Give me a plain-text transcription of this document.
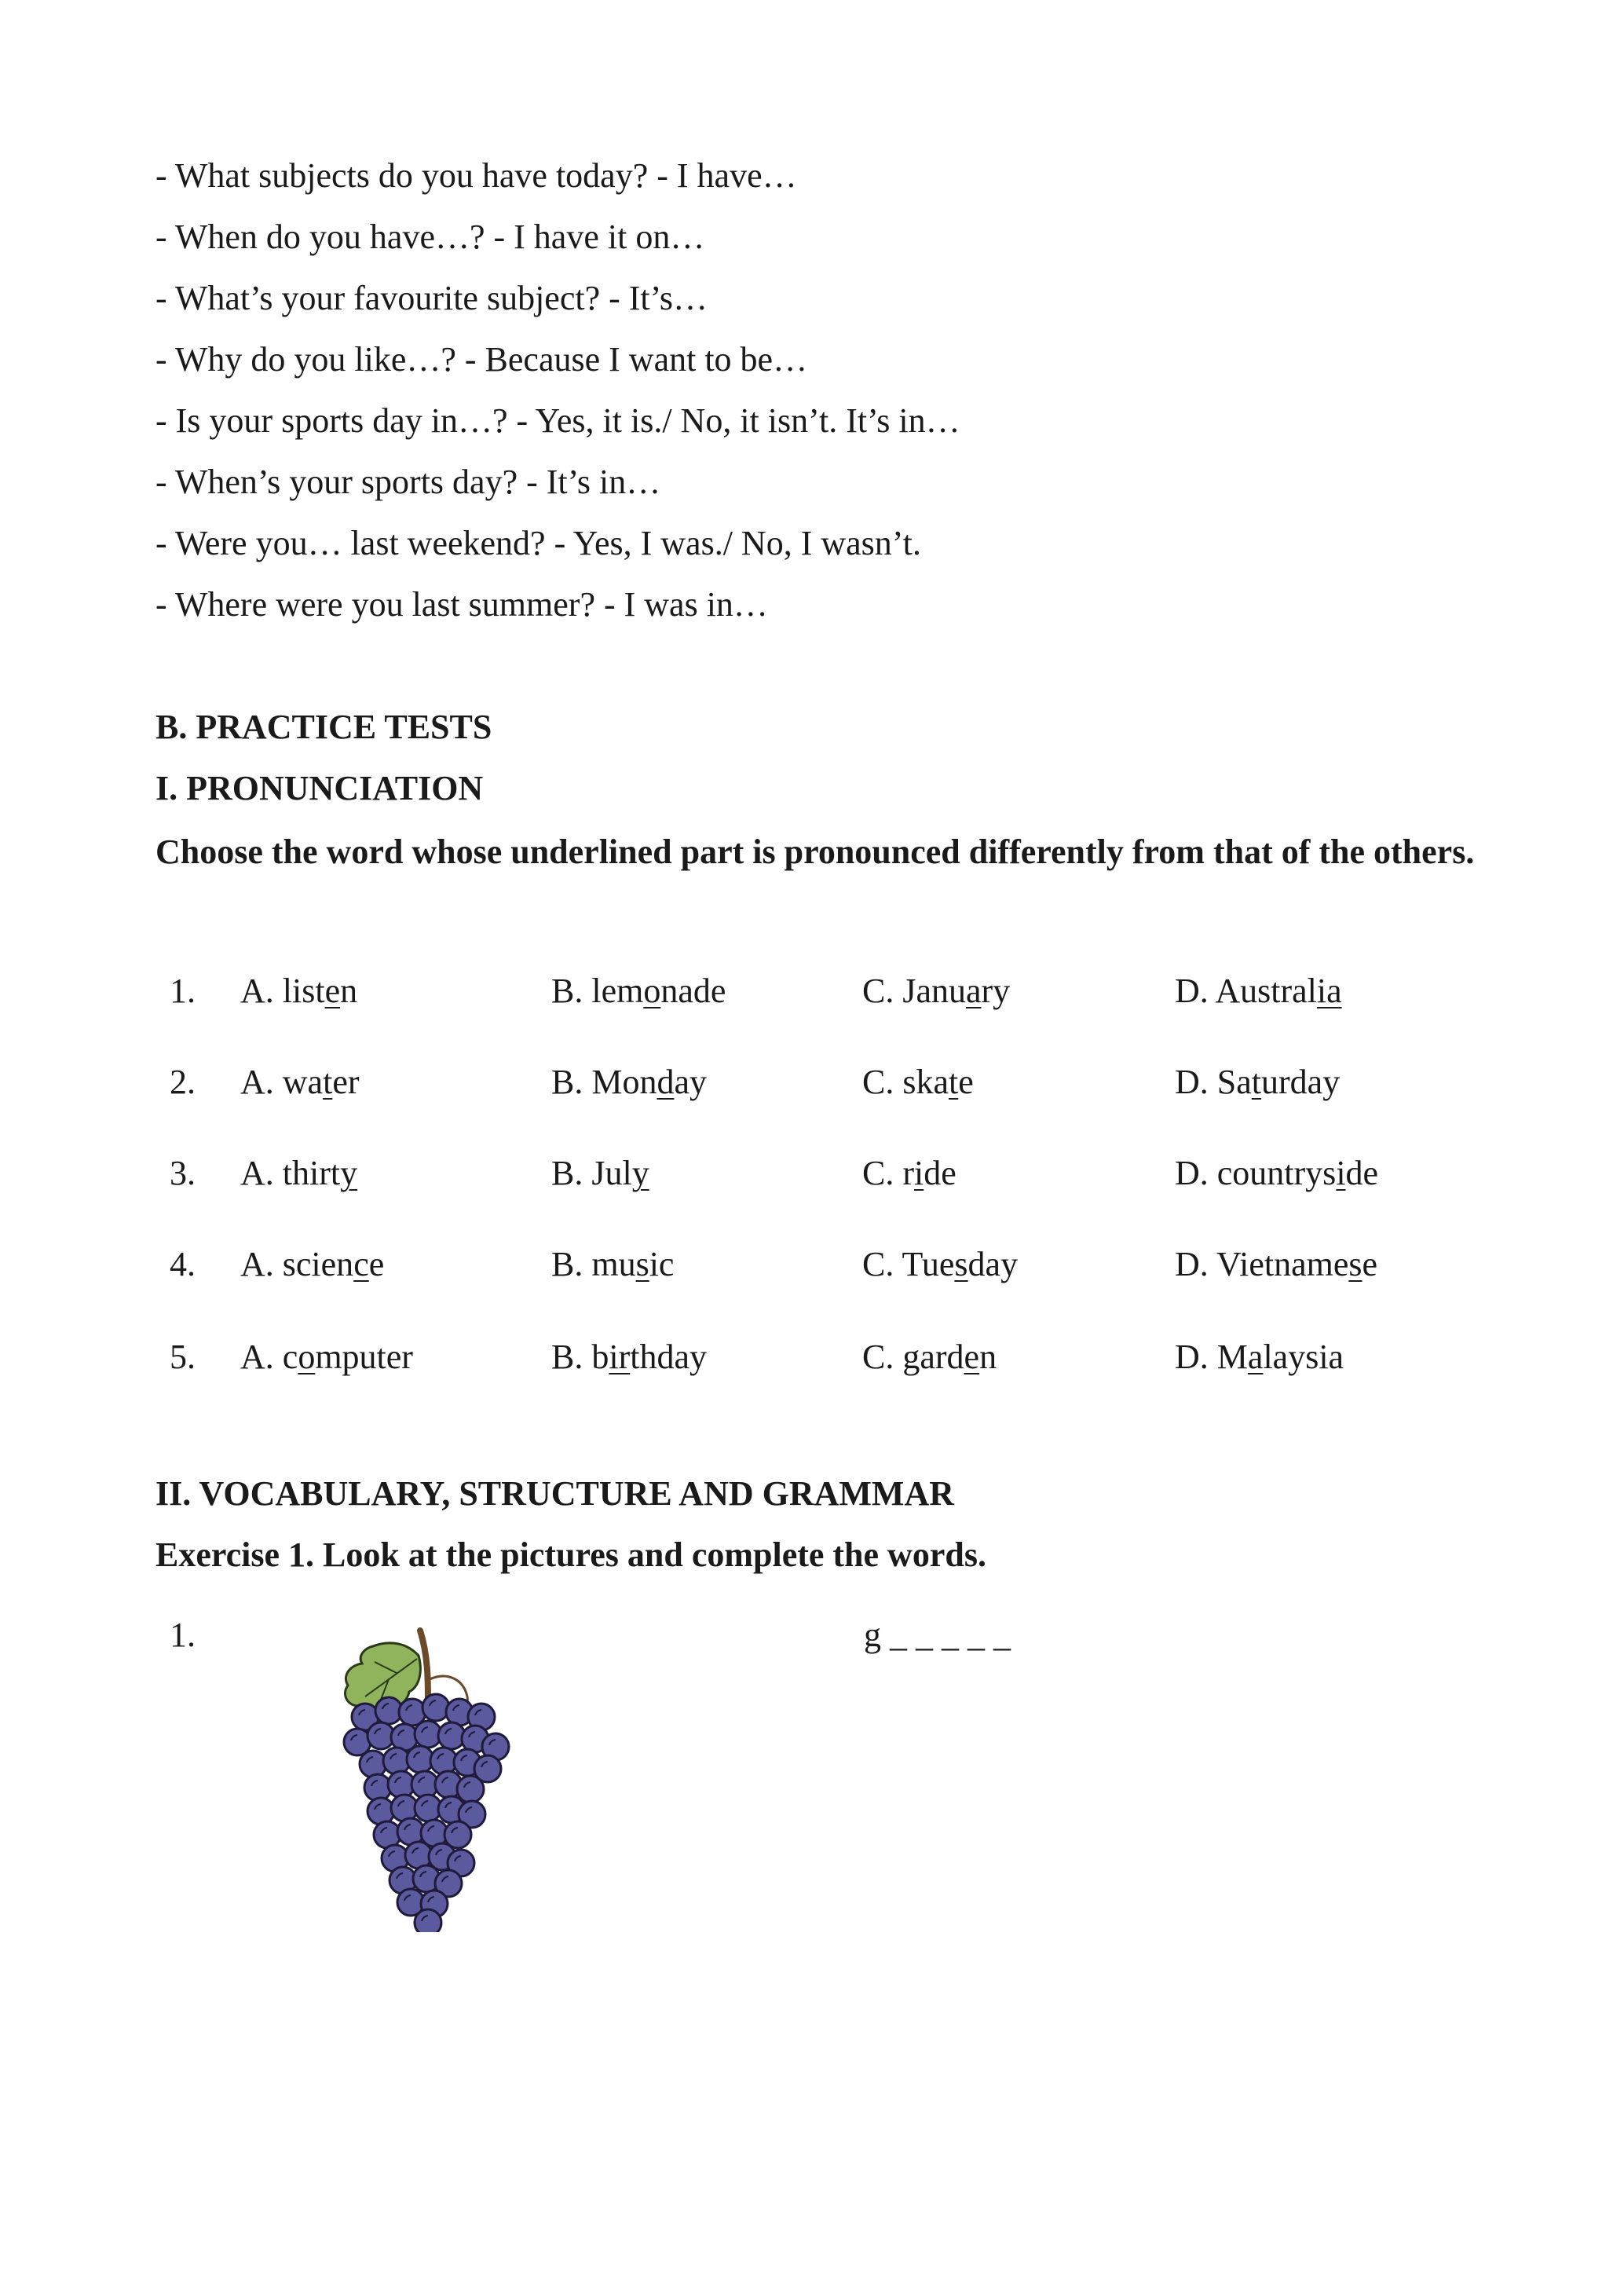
- What subjects do you have today? - I have…
- When do you have…? - I have it on…
- What’s your favourite subject? - It’s…
- Why do you like…? - Because I want to be…
- Is your sports day in…? - Yes, it is./ No, it isn’t. It’s in…
- When’s your sports day? - It’s in…
- Were you… last weekend? - Yes, I was./ No, I wasn’t.
- Where were you last summer? - I was in…
B. PRACTICE TESTS
I. PRONUNCIATION
Choose the word whose underlined part is pronounced differently from that of the others.
1. A. listen	B. lemonade	C. January	D. Australia
2. A. water	B. Monday	C. skate	D. Saturday
3. A. thirty	B. July	C. ride	D. countryside
4. A. science	B. music	C. Tuesday	D. Vietnamese
5. A. computer	B. birthday	C. garden	D. Malaysia
II. VOCABULARY, STRUCTURE AND GRAMMAR
Exercise 1. Look at the pictures and complete the words.
1.	g _ _ _ _ _
